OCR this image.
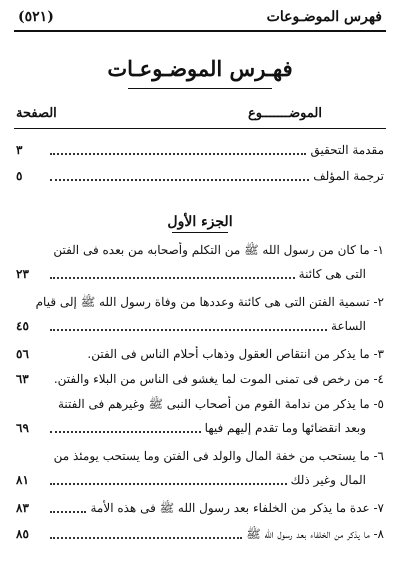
فهرس الموضـوعات
(٥٢١)
فهـرس الموضـوعـات
الموضـــــــوع
الصفحة
مقدمة التحقيق
٣
ترجمة المؤلف
٥
الجزء الأول
١- ما كان من رسول الله ﷺ من التكلم وأصحابه من بعده فى الفتن
التى هى كائنة
٢٣
٢- تسمية الفتن التى هى كائنة وعددها من وفاة رسول الله ﷺ إلى قيام
الساعة
٤٥
٣- ما يذكر من انتقاص العقول وذهاب أحلام الناس فى الفتن.
٥٦
٤- من رخص فى تمنى الموت لما يغشو فى الناس من البلاء والفتن.
٦٣
٥- ما يذكر من ندامة القوم من أصحاب النبى ﷺ وغيرهم فى الفتنة
وبعد انقضائها وما تقدم إليهم فيها
٦٩
٦- ما يستحب من خفة المال والولد فى الفتن وما يستحب يومئذ من
المال وغير ذلك
٨١
٧- عدة ما يذكر من الخلفاء بعد رسول الله ﷺ فى هذه الأمة
٨٣
٨- ما يذكر من الخلفاء بعد رسول الله ﷺ
٨٥
